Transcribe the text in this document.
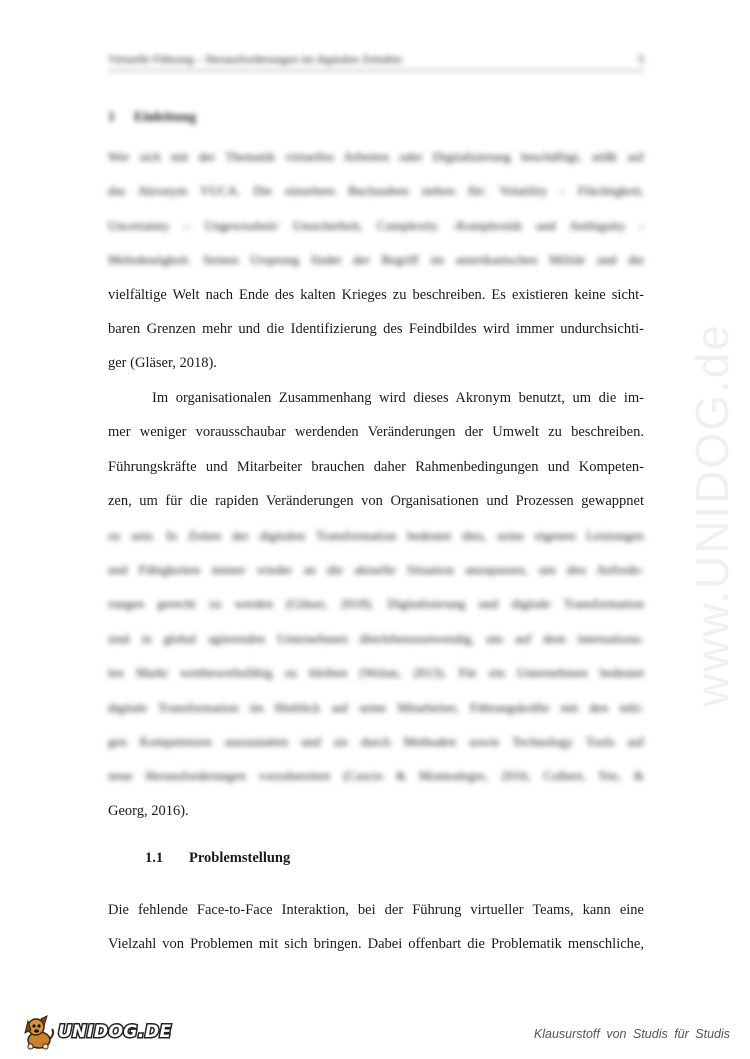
www.UNIDOG.de
Virtuelle Führung – Herausforderungen im digitalen Zeitalter	5
1 Einleitung
Wer sich mit der Thematik virtuelles Arbeiten oder Digitalisierung beschäftigt, stößt auf
das Akronym VUCA. Die einzelnen Buchstaben stehen für: Volatility - Flüchtigkeit,
Uncertainty – Ungewissheit/ Unsicherheit, Complexity -Komplexität und Ambiguity -
Mehrdeutigkeit. Seinen Ursprung findet der Begriff im amerikanischen Militär und die
vielfältige Welt nach Ende des kalten Krieges zu beschreiben. Es existieren keine sicht-
baren Grenzen mehr und die Identifizierung des Feindbildes wird immer undurchsichti-
ger (Gläser, 2018).
Im organisationalen Zusammenhang wird dieses Akronym benutzt, um die im-
mer weniger vorausschaubar werdenden Veränderungen der Umwelt zu beschreiben.
Führungskräfte und Mitarbeiter brauchen daher Rahmenbedingungen und Kompeten-
zen, um für die rapiden Veränderungen von Organisationen und Prozessen gewappnet
zu sein. In Zeiten der digitalen Transformation bedeutet dies, seine eigenen Leistungen
und Fähigkeiten immer wieder an die aktuelle Situation anzupassen, um den Anforde-
rungen gerecht zu werden (Gläser, 2018). Digitalisierung und digitale Transformation
sind in global agierenden Unternehmen überlebensnotwendig, um auf dem internationa-
len Markt wettbewerbsfähig zu bleiben (Wolan, 2013). Für ein Unternehmen bedeutet
digitale Transformation im Hinblick auf seine Mitarbeiter, Führungskräfte mit den nöti-
gen Kompetenzen auszustatten und sie durch Methoden sowie Technology Tools auf
neue Herausforderungen vorzubereiten (Cascio & Montealegre, 2016; Colbert, Yee, &
Georg, 2016).
1.1 Problemstellung
Die fehlende Face-to-Face Interaktion, bei der Führung virtueller Teams, kann eine
Vielzahl von Problemen mit sich bringen. Dabei offenbart die Problematik menschliche,
UNIDOG.DE	Klausurstoff von Studis für Studis
